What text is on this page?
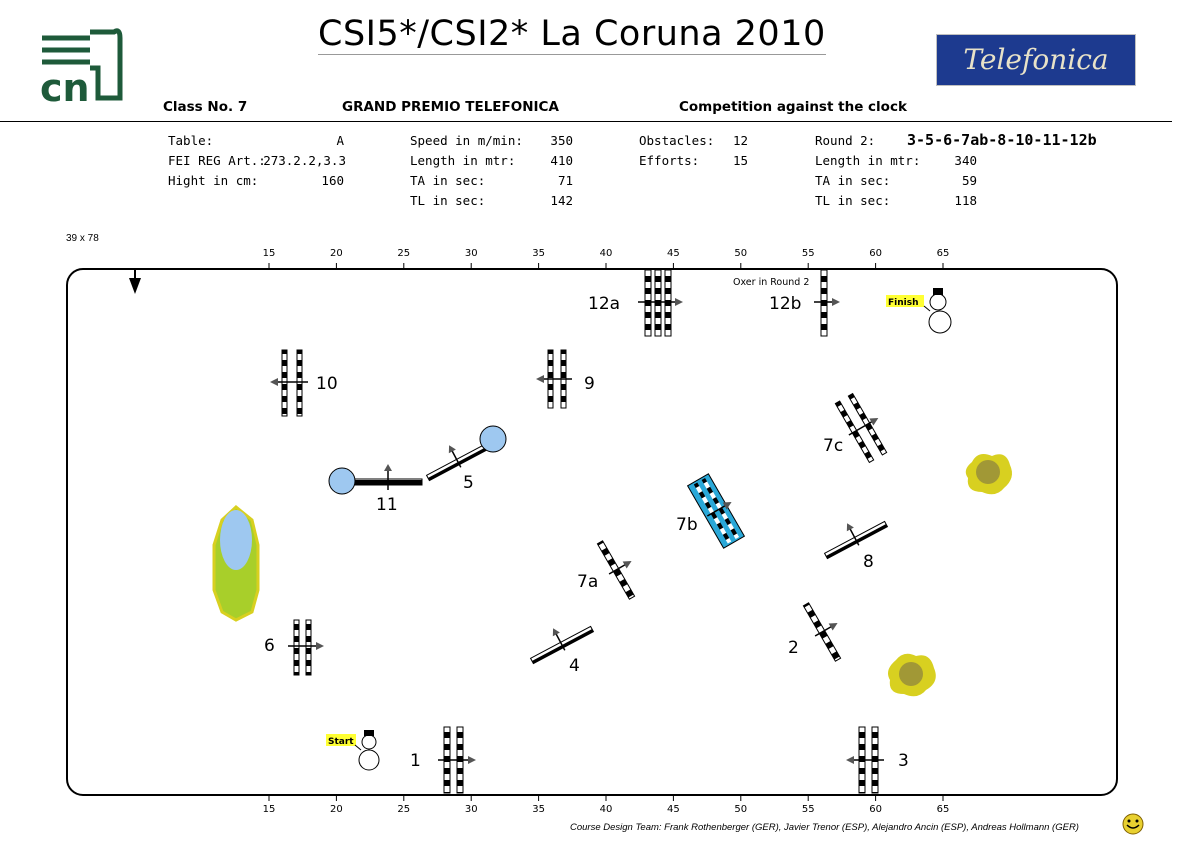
cn
CSI5*/CSI2* La Coruna 2010
Telefonica
Class No. 7	GRAND PREMIO TELEFONICA	Competition against the clock
Table:	A
FEI REG Art.:
273.2.2,3.3
Hight in cm:	160
Speed in m/min:	350
Length in mtr:	410
TA in sec:	71
TL in sec:	142
Obstacles:	12
Efforts:	15
Round 2: 3-5-6-7ab-8-10-11-12b
Length in mtr:	340
TA in sec:	59
TL in sec:	118
39 x 78
15	20	25	30	35	40	45	50	55	60	65
15	20	25	30	35	40	45	50	55	60	65
1	3
6
10	9
12a	12b
Oxer in Round 2
11
5
4
7a
7b
7c
8
2
Start
Finish
Course Design Team: Frank Rothenberger (GER), Javier Trenor (ESP), Alejandro Ancin (ESP), Andreas Hollmann (GER)
